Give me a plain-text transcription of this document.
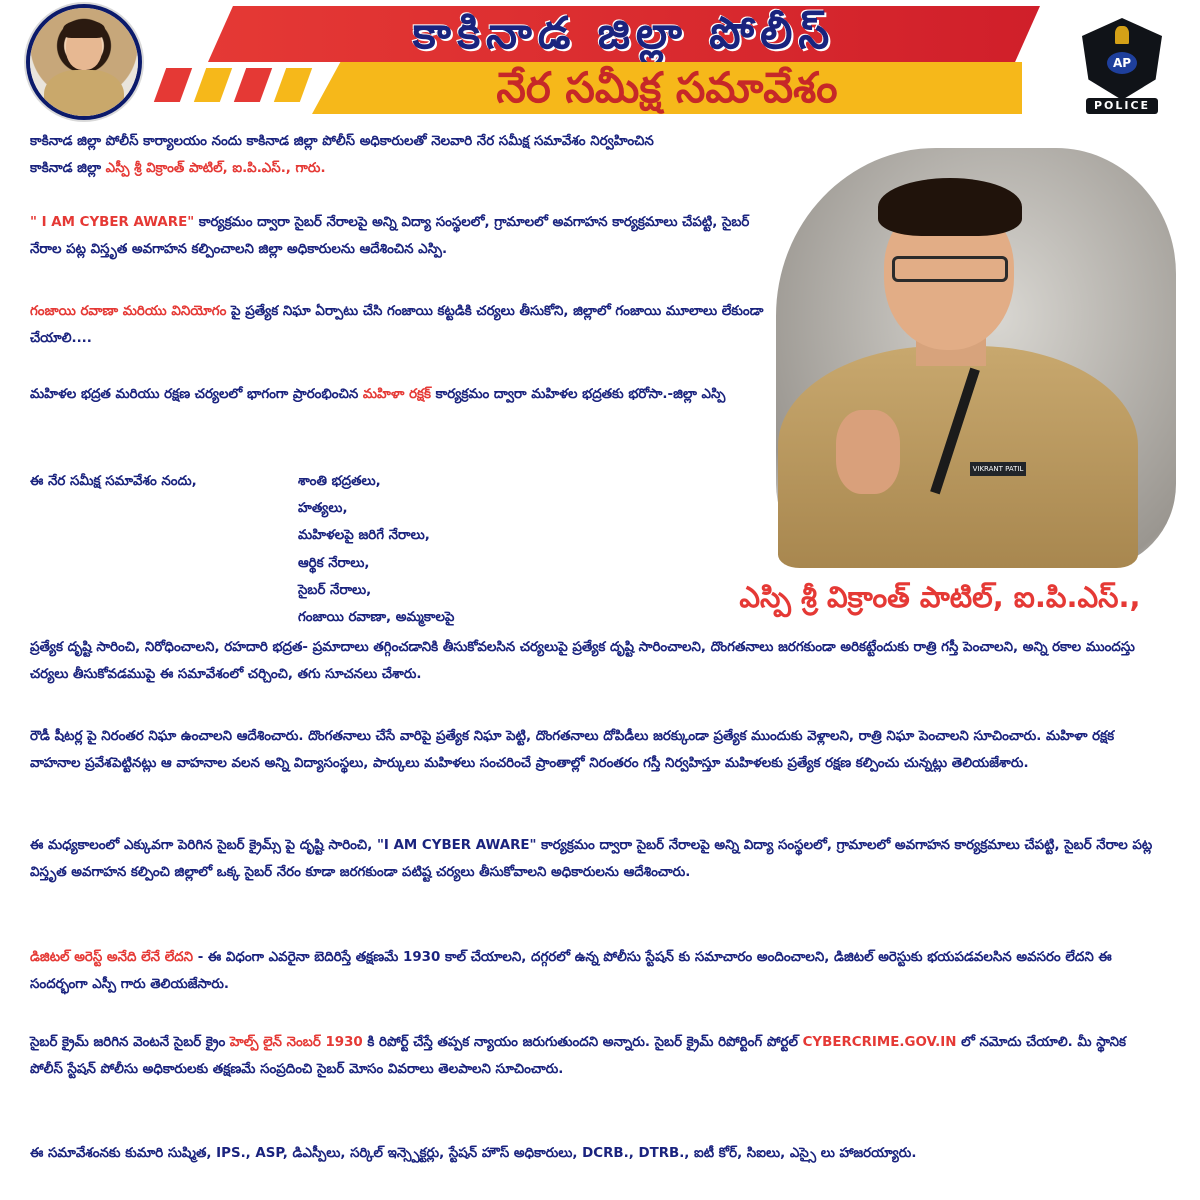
కాకినాడ జిల్లా పోలీస్
నేర సమీక్ష సమావేశం	AP
POLICE
కాకినాడ జిల్లా పోలీస్ కార్యాలయం నందు కాకినాడ జిల్లా పోలీస్ అధికారులతో నెలవారి నేర సమీక్ష సమావేశం నిర్వహించిన
కాకినాడ జిల్లా ఎస్పీ శ్రీ విక్రాంత్ పాటిల్, ఐ.పి.ఎస్., గారు.
" I AM CYBER AWARE" కార్యక్రమం ద్వారా సైబర్ నేరాలపై అన్ని విద్యా సంస్థలలో, గ్రామాలలో అవగాహన కార్యక్రమాలు చేపట్టి, సైబర్ నేరాల పట్ల విస్తృత అవగాహన కల్పించాలని జిల్లా అధికారులను ఆదేశించిన ఎస్పి.
గంజాయి రవాణా మరియు వినియోగం పై ప్రత్యేక నిఘా ఏర్పాటు చేసి గంజాయి కట్టడికి చర్యలు తీసుకోని, జిల్లాలో గంజాయి మూలాలు లేకుండా చేయాలి....
మహిళల భద్రత మరియు రక్షణ చర్యలలో భాగంగా ప్రారంభించిన మహిళా రక్షక్ కార్యక్రమం ద్వారా మహిళల భద్రతకు భరోసా.-జిల్లా ఎస్పి
ఈ నేర సమీక్ష సమావేశం నందు,	శాంతి భద్రతలు,
హత్యలు,
మహిళలపై జరిగే నేరాలు,
ఆర్థిక నేరాలు,
సైబర్ నేరాలు,
గంజాయి రవాణా, అమ్మకాలపై
VIKRANT PATIL
ఎస్పి శ్రీ విక్రాంత్ పాటిల్, ఐ.పి.ఎస్.,
ప్రత్యేక దృష్టి సారించి, నిరోధించాలని, రహదారి భద్రత- ప్రమాదాలు తగ్గించడానికి తీసుకోవలసిన చర్యలుపై ప్రత్యేక దృష్టి సారించాలని, దొంగతనాలు జరగకుండా అరికట్టేందుకు రాత్రి గస్తీ పెంచాలని, అన్ని రకాల ముందస్తు చర్యలు తీసుకోవడముపై ఈ సమావేశంలో చర్చించి, తగు సూచనలు చేశారు.
రౌడీ షీటర్ల పై నిరంతర నిఘా ఉంచాలని ఆదేశించారు. దొంగతనాలు చేసే వారిపై ప్రత్యేక నిఘా పెట్టి, దొంగతనాలు దోపిడీలు జరక్కుండా ప్రత్యేక ముందుకు వెళ్లాలని, రాత్రి నిఘా పెంచాలని సూచించారు. మహిళా రక్షక వాహనాల ప్రవేశపెట్టినట్లు ఆ వాహనాల వలన అన్ని విద్యాసంస్థలు, పార్కులు మహిళలు సంచరించే ప్రాంతాల్లో నిరంతరం గస్తీ నిర్వహిస్తూ మహిళలకు ప్రత్యేక రక్షణ కల్పించు చున్నట్లు తెలియజేశారు.
ఈ మధ్యకాలంలో ఎక్కువగా పెరిగిన సైబర్ క్రైమ్స్ పై దృష్టి సారించి, "I AM CYBER AWARE" కార్యక్రమం ద్వారా సైబర్ నేరాలపై అన్ని విద్యా సంస్థలలో, గ్రామాలలో అవగాహన కార్యక్రమాలు చేపట్టి, సైబర్ నేరాల పట్ల విస్తృత అవగాహన కల్పించి జిల్లాలో ఒక్క సైబర్ నేరం కూడా జరగకుండా పటిష్ట చర్యలు తీసుకోవాలని అధికారులను ఆదేశించారు.
డిజిటల్ అరెస్ట్ అనేది లేనే లేదని - ఈ విధంగా ఎవరైనా బెదిరిస్తే తక్షణమే 1930 కాల్ చేయాలని, దగ్గరలో ఉన్న పోలీసు స్టేషన్ కు సమాచారం అందించాలని, డిజిటల్ అరెస్టుకు భయపడవలసిన అవసరం లేదని ఈ సందర్భంగా ఎస్పీ గారు తెలియజేసారు.
సైబర్ క్రైమ్ జరిగిన వెంటనే సైబర్ క్రైం హెల్ప్ లైన్ నెంబర్ 1930 కి రిపోర్ట్ చేస్తే తప్పక న్యాయం జరుగుతుందని అన్నారు. సైబర్ క్రైమ్ రిపోర్టింగ్ పోర్టల్ CYBERCRIME.GOV.IN లో నమోదు చేయాలి. మీ స్థానిక పోలీస్ స్టేషన్ పోలీసు అధికారులకు తక్షణమే సంప్రదించి సైబర్ మోసం వివరాలు తెలపాలని సూచించారు.
ఈ సమావేశంనకు కుమారి సుష్మిత, IPS., ASP, డిఎస్పీలు, సర్కిల్ ఇన్స్పెక్టర్లు, స్టేషన్ హౌస్ అధికారులు, DCRB., DTRB., ఐటీ కోర్, సిఐలు, ఎస్సై లు హాజరయ్యారు.
